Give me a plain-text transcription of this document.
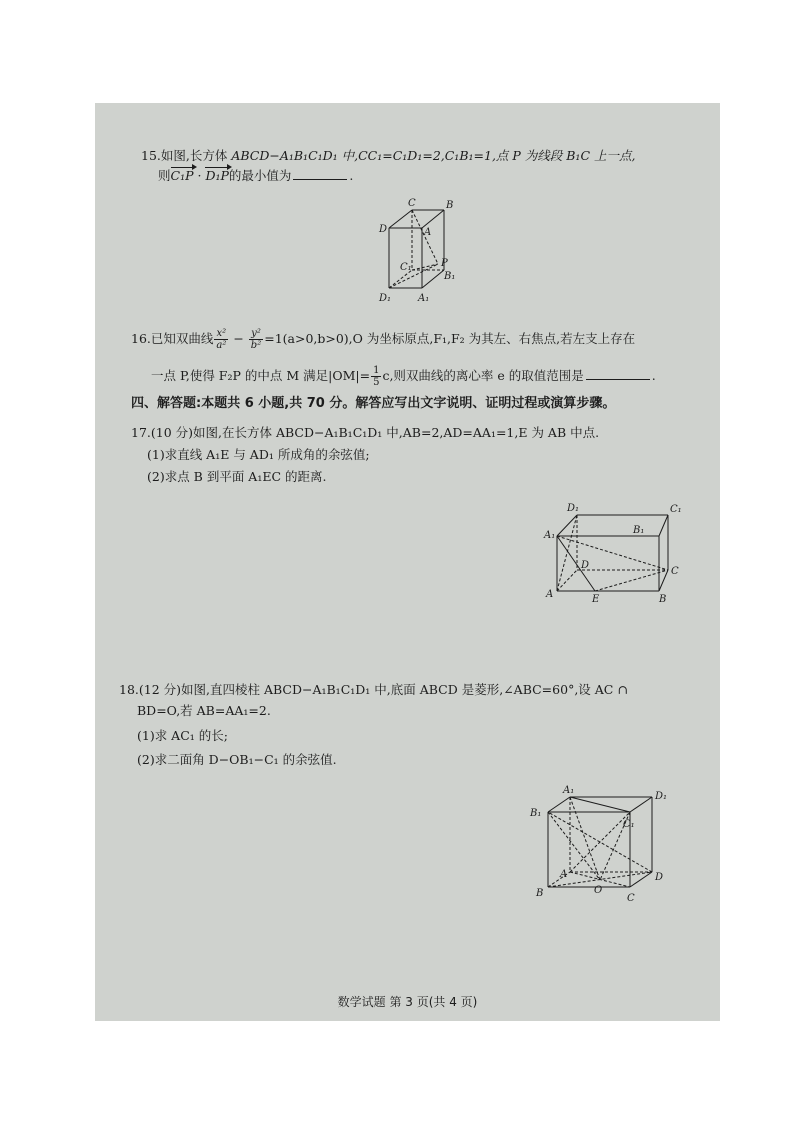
15.如图,长方体 ABCD−A₁B₁C₁D₁ 中,CC₁=C₁D₁=2,C₁B₁=1,点 P 为线段 B₁C 上一点,
则C₁P · D₁P的最小值为	.
C	B
D	A
C₁	P
B₁
D₁	A₁
16.已知双曲线 $\frac{\text{x²}}{\text{a²}} - \frac{\text{y²}}{\text{b²}} =1(a>0,b>0),O$ 为坐标原点,F₁,F₂ 为其左、右焦点,若左支上存在
一点 P,使得 F₂P 的中点 M 满足$|OM|= \frac{1}{5} c$,则双曲线的离心率 e 的取值范围是	.
四、解答题:本题共 6 小题,共 70 分。解答应写出文字说明、证明过程或演算步骤。
17.(10 分)如图,在长方体 ABCD−A₁B₁C₁D₁ 中,AB=2,AD=AA₁=1,E 为 AB 中点.
(1)求直线 A₁E 与 AD₁ 所成角的余弦值;
(2)求点 B 到平面 A₁EC 的距离.
D₁	C₁
A₁	B₁
D
C
A	E	B
18.(12 分)如图,直四棱柱 ABCD−A₁B₁C₁D₁ 中,底面 ABCD 是菱形,∠ABC=60°,设 AC ∩
BD=O,若 AB=AA₁=2.
(1)求 AC₁ 的长;
(2)求二面角 D−OB₁−C₁ 的余弦值.
A₁
D₁
B₁
C₁
A
O
D
B	C
数学试题 第 3 页(共 4 页)
